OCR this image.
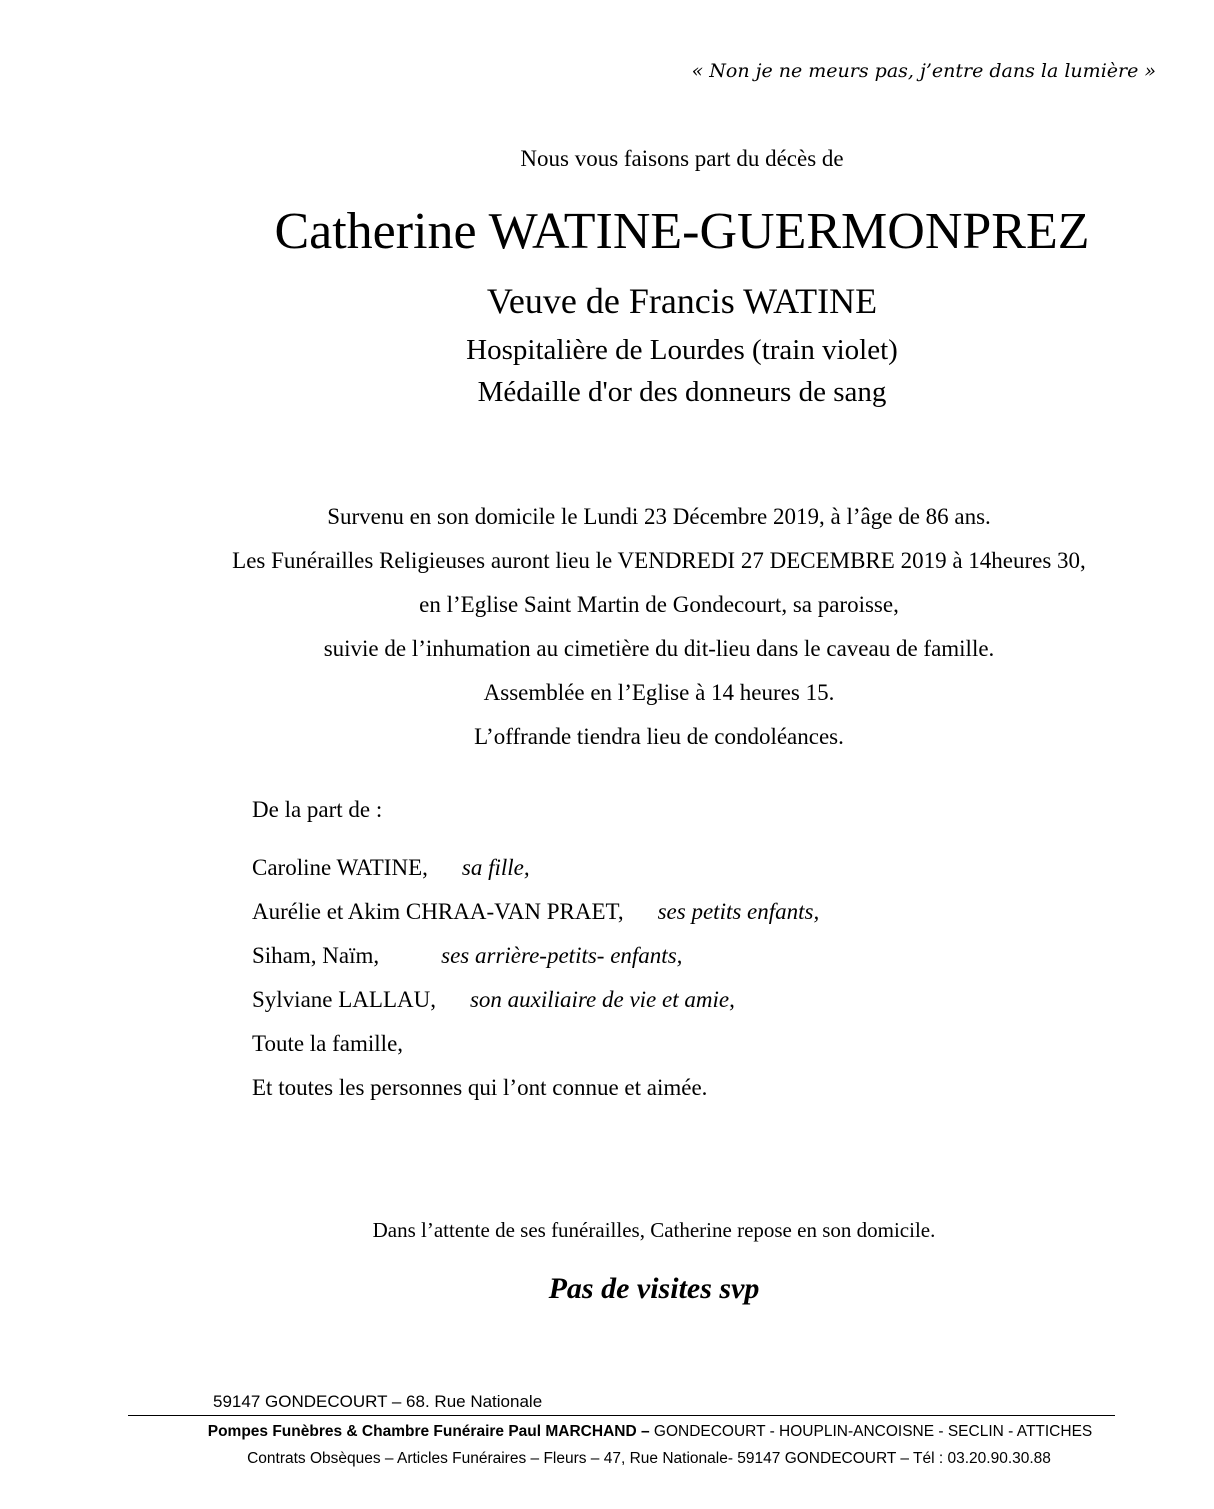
« Non je ne meurs pas, j’entre dans la lumière »
Nous vous faisons part du décès de
Catherine WATINE-GUERMONPREZ
Veuve de Francis WATINE
Hospitalière de Lourdes (train violet)
Médaille d'or des donneurs de sang
Survenu en son domicile le Lundi 23 Décembre 2019, à l’âge de 86 ans.
Les Funérailles Religieuses auront lieu le VENDREDI 27 DECEMBRE 2019 à 14heures 30,
en l’Eglise Saint Martin de Gondecourt, sa paroisse,
suivie de l’inhumation au cimetière du dit-lieu dans le caveau de famille.
Assemblée en l’Eglise à 14 heures 15.
L’offrande tiendra lieu de condoléances.
De la part de :
Caroline WATINE, sa fille,
Aurélie et Akim CHRAA-VAN PRAET, ses petits enfants,
Siham, Naïm,	ses arrière-petits- enfants,
Sylviane LALLAU, son auxiliaire de vie et amie,
Toute la famille,
Et toutes les personnes qui l’ont connue et aimée.
Dans l’attente de ses funérailles, Catherine repose en son domicile.
Pas de visites svp
59147 GONDECOURT – 68. Rue Nationale
Pompes Funèbres & Chambre Funéraire Paul MARCHAND – GONDECOURT - HOUPLIN-ANCOISNE - SECLIN - ATTICHES
Contrats Obsèques – Articles Funéraires – Fleurs – 47, Rue Nationale- 59147 GONDECOURT – Tél : 03.20.90.30.88
